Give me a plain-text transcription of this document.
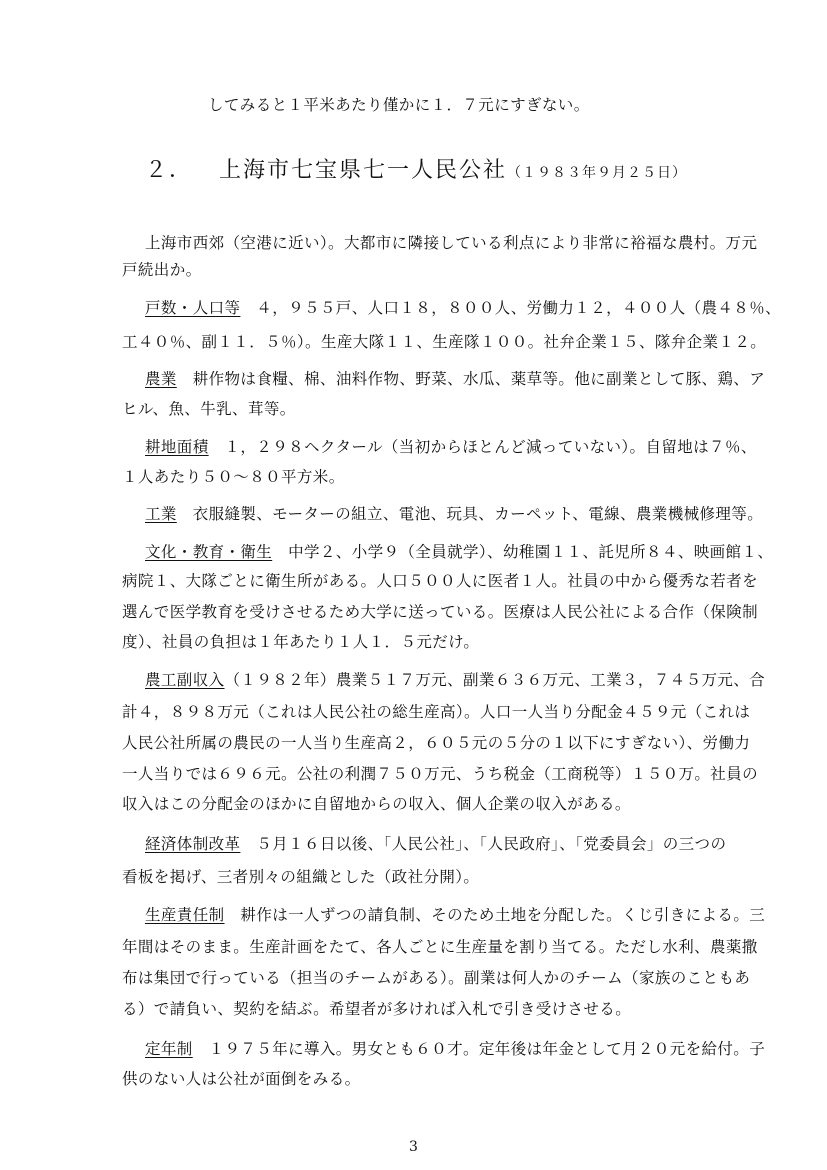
してみると１平米あたり僅かに１．７元にすぎない。

２． 上海市七宝県七一人民公社（１９８３年９月２５日）

上海市西郊（空港に近い）。大都市に隣接している利点により非常に裕福な農村。万元

戸続出か。

戸数・人口等　４，９５５戸、人口１８，８００人、労働力１２，４００人（農４８％、

工４０％、副１１．５％）。生産大隊１１、生産隊１００。社弁企業１５、隊弁企業１２。

農業　耕作物は食糧、棉、油料作物、野菜、水瓜、薬草等。他に副業として豚、鶏、ア

ヒル、魚、牛乳、茸等。

耕地面積　１，２９８ヘクタール（当初からほとんど減っていない）。自留地は７％、

１人あたり５０～８０平方米。

工業　衣服縫製、モーターの組立、電池、玩具、カーペット、電線、農業機械修理等。

文化・教育・衛生　中学２、小学９（全員就学）、幼稚園１１、託児所８４、映画館１、

病院１、大隊ごとに衛生所がある。人口５００人に医者１人。社員の中から優秀な若者を

選んで医学教育を受けさせるため大学に送っている。医療は人民公社による合作（保険制

度）、社員の負担は１年あたり１人１．５元だけ。

農工副収入（１９８２年）農業５１７万元、副業６３６万元、工業３，７４５万元、合

計４，８９８万元（これは人民公社の総生産高）。人口一人当り分配金４５９元（これは

人民公社所属の農民の一人当り生産高２，６０５元の５分の１以下にすぎない）、労働力

一人当りでは６９６元。公社の利潤７５０万元、うち税金（工商税等）１５０万。社員の

収入はこの分配金のほかに自留地からの収入、個人企業の収入がある。

経済体制改革　５月１６日以後、「人民公社」、「人民政府」、「党委員会」の三つの

看板を掲げ、三者別々の組織とした（政社分開）。

生産責任制　耕作は一人ずつの請負制、そのため土地を分配した。くじ引きによる。三

年間はそのまま。生産計画をたて、各人ごとに生産量を割り当てる。ただし水利、農薬撒

布は集団で行っている（担当のチームがある）。副業は何人かのチーム（家族のこともあ

る）で請負い、契約を結ぶ。希望者が多ければ入札で引き受けさせる。

定年制　１９７５年に導入。男女とも６０才。定年後は年金として月２０元を給付。子

供のない人は公社が面倒をみる。

3
